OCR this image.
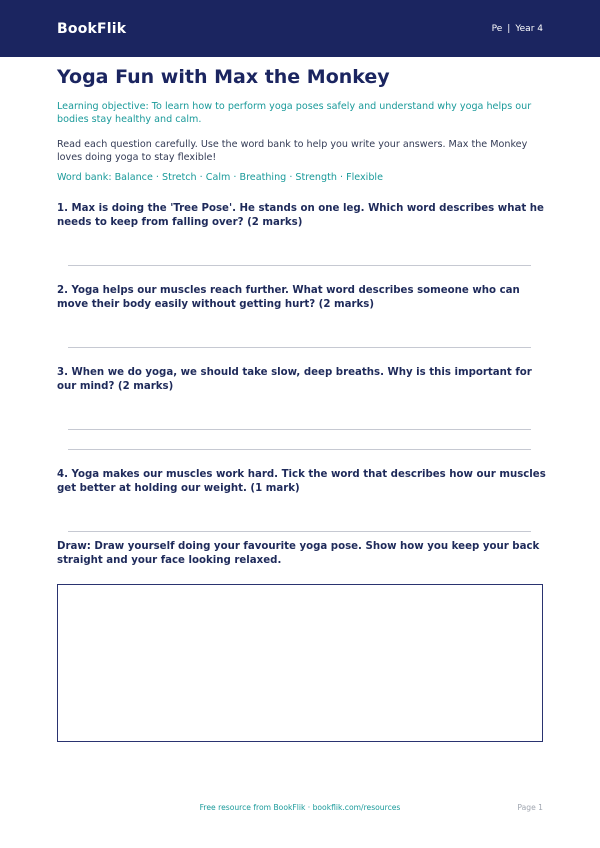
BookFlik	Pe | Year 4
Yoga Fun with Max the Monkey

Learning objective: To learn how to perform yoga poses safely and understand why yoga helps our bodies stay healthy and calm.

Read each question carefully. Use the word bank to help you write your answers. Max the Monkey loves doing yoga to stay flexible!

Word bank: Balance · Stretch · Calm · Breathing · Strength · Flexible

1. Max is doing the 'Tree Pose'. He stands on one leg. Which word describes what he needs to keep from falling over? (2 marks)

2. Yoga helps our muscles reach further. What word describes someone who can move their body easily without getting hurt? (2 marks)

3. When we do yoga, we should take slow, deep breaths. Why is this important for our mind? (2 marks)

4. Yoga makes our muscles work hard. Tick the word that describes how our muscles get better at holding our weight. (1 mark)

Draw: Draw yourself doing your favourite yoga pose. Show how you keep your back straight and your face looking relaxed.

Free resource from BookFlik · bookflik.com/resources	Page 1
